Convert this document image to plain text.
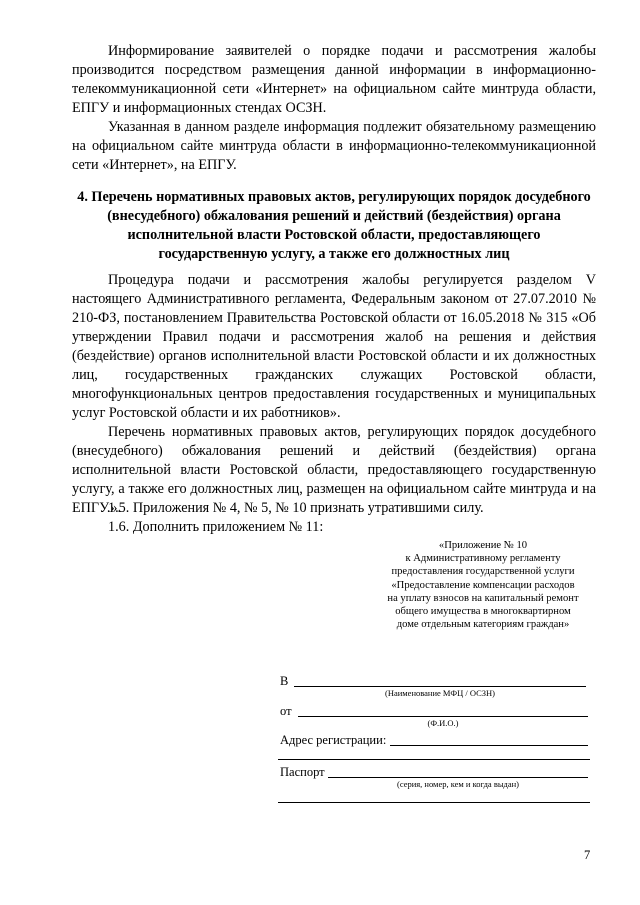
Информирование заявителей о порядке подачи и рассмотрения жалобы производится посредством размещения данной информации в информационно-телекоммуникационной сети «Интернет» на официальном сайте минтруда области, ЕПГУ и информационных стендах ОСЗН.

Указанная в данном разделе информация подлежит обязательному размещению на официальном сайте минтруда области в информационно-телекоммуникационной сети «Интернет», на ЕПГУ.

4. Перечень нормативных правовых актов, регулирующих порядок досудебного (внесудебного) обжалования решений и действий (бездействия) органа исполнительной власти Ростовской области, предоставляющего государственную услугу, а также его должностных лиц

Процедура подачи и рассмотрения жалобы регулируется разделом V настоящего Административного регламента, Федеральным законом от 27.07.2010 № 210-ФЗ, постановлением Правительства Ростовской области от 16.05.2018 № 315 «Об утверждении Правил подачи и рассмотрения жалоб на решения и действия (бездействие) органов исполнительной власти Ростовской области и их должностных лиц, государственных гражданских служащих Ростовской области, многофункциональных центров предоставления государственных и муниципальных услуг Ростовской области и их работников».

Перечень нормативных правовых актов, регулирующих порядок досудебного (внесудебного) обжалования решений и действий (бездействия) органа исполнительной власти Ростовской области, предоставляющего государственную услугу, а также его должностных лиц, размещен на официальном сайте минтруда и на ЕПГУ.».

1.5. Приложения № 4, № 5, № 10 признать утратившими силу.

1.6. Дополнить приложением № 11:

«Приложение № 10
к Административному регламенту
предоставления государственной услуги
«Предоставление компенсации расходов
на уплату взносов на капитальный ремонт
общего имущества в многоквартирном
доме отдельным категориям граждан»
В
(Наименование МФЦ / ОСЗН)
от
(Ф.И.О.)
Адрес регистрации:
Паспорт
(серия, номер, кем и когда выдан)
7
